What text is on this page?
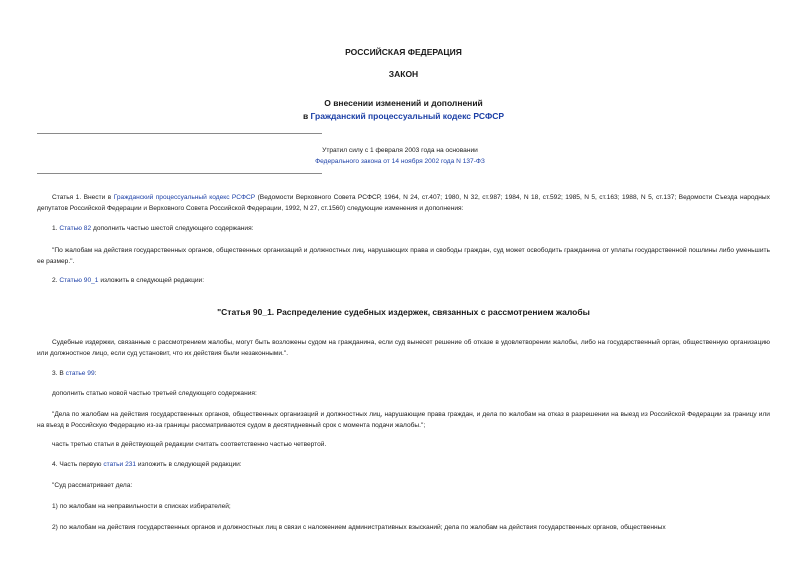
РОССИЙСКАЯ ФЕДЕРАЦИЯ
ЗАКОН
О внесении изменений и дополнений
в Гражданский процессуальный кодекс РСФСР
Утратил силу с 1 февраля 2003 года на основании
Федерального закона от 14 ноября 2002 года N 137-ФЗ
Статья 1. Внести в Гражданский процессуальный кодекс РСФСР (Ведомости Верховного Совета РСФСР, 1964, N 24, ст.407; 1980, N 32, ст.987; 1984, N 18, ст.592; 1985, N 5, ст.163; 1988, N 5, ст.137; Ведомости Съезда народных депутатов Российской Федерации и Верховного Совета Российской Федерации, 1992, N 27, ст.1560) следующие изменения и дополнения:
1. Статью 82 дополнить частью шестой следующего содержания:
"По жалобам на действия государственных органов, общественных организаций и должностных лиц, нарушающих права и свободы граждан, суд может освободить гражданина от уплаты государственной пошлины либо уменьшить ее размер.".
2. Статью 90_1 изложить в следующей редакции:
"Статья 90_1. Распределение судебных издержек, связанных с рассмотрением жалобы
Судебные издержки, связанные с рассмотрением жалобы, могут быть возложены судом на гражданина, если суд вынесет решение об отказе в удовлетворении жалобы, либо на государственный орган, общественную организацию или должностное лицо, если суд установит, что их действия были незаконными.".
3. В статье 99:
дополнить статью новой частью третьей следующего содержания:
"Дела по жалобам на действия государственных органов, общественных организаций и должностных лиц, нарушающие права граждан, и дела по жалобам на отказ в разрешении на выезд из Российской Федерации за границу или на въезд в Российскую Федерацию из-за границы рассматриваются судом в десятидневный срок с момента подачи жалобы.";
часть третью статьи в действующей редакции считать соответственно частью четвертой.
4. Часть первую статьи 231 изложить в следующей редакции:
"Суд рассматривает дела:
1) по жалобам на неправильности в списках избирателей;
2) по жалобам на действия государственных органов и должностных лиц в связи с наложением административных взысканий; дела по жалобам на действия государственных органов, общественных
